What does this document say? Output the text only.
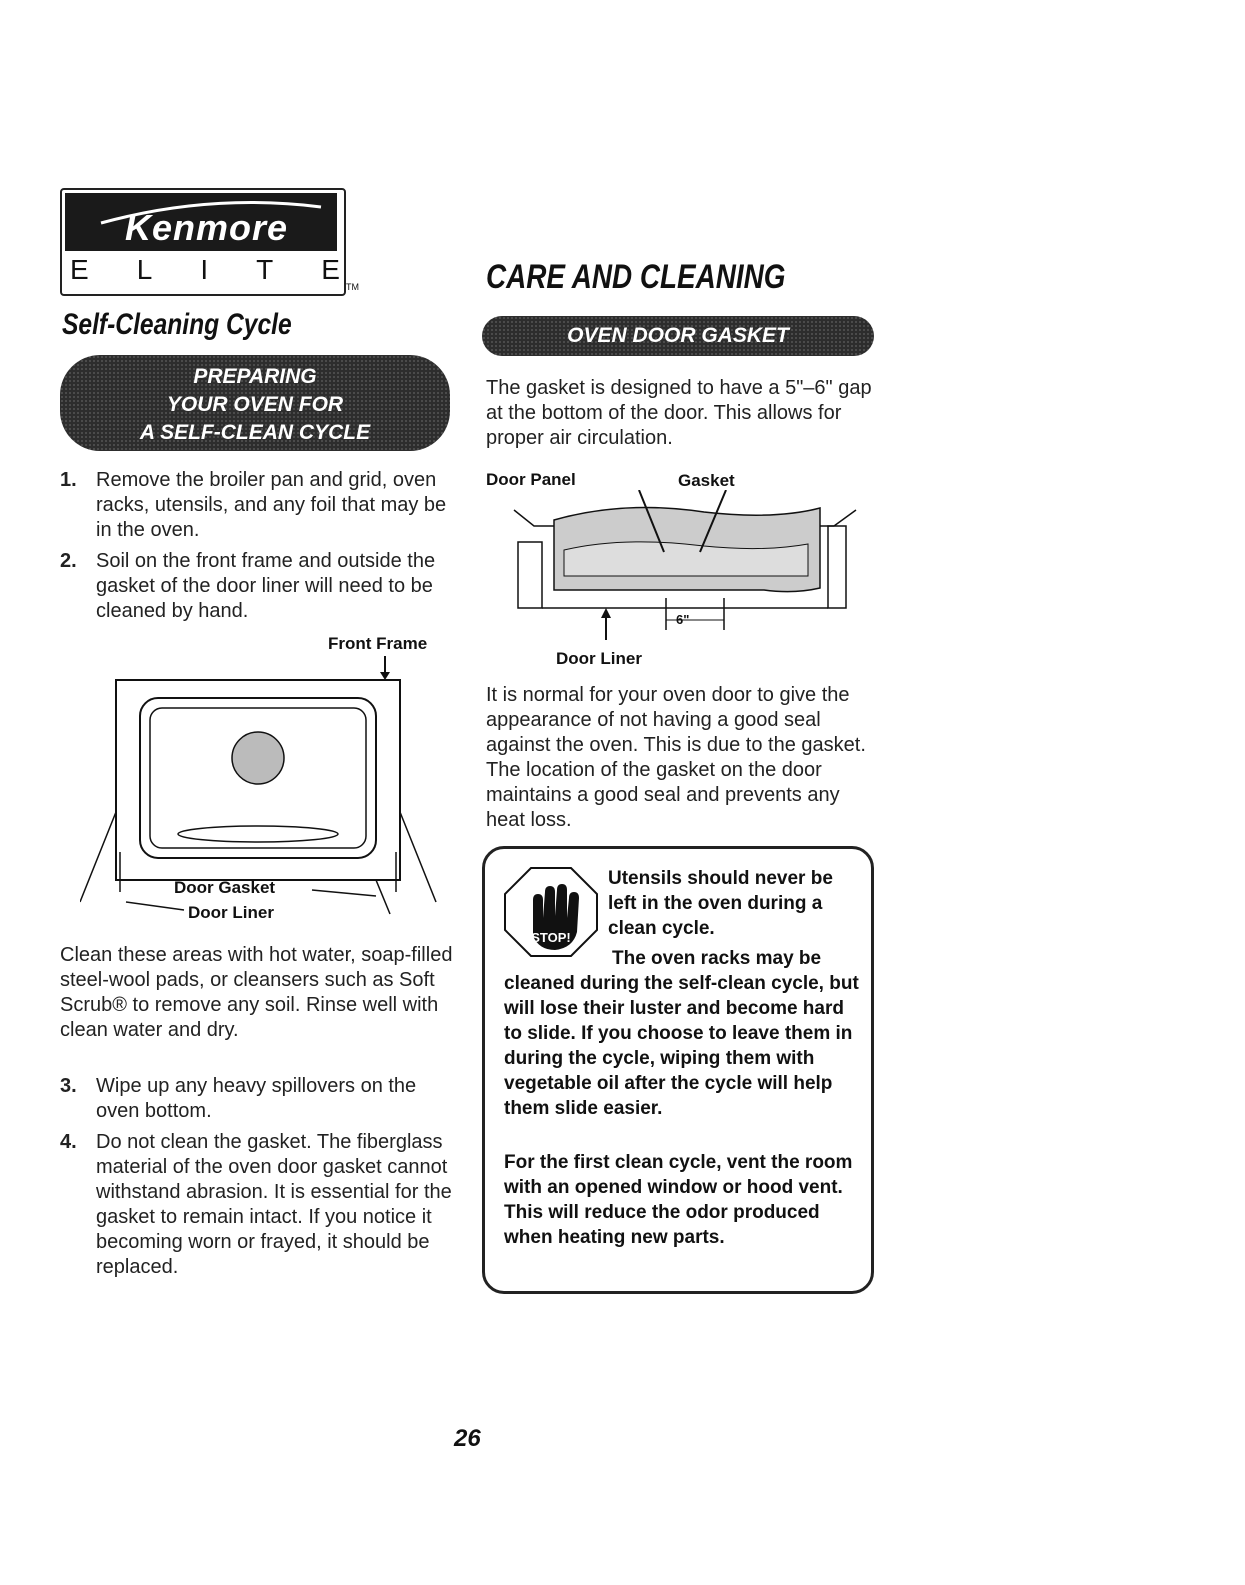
Kenmore
E L I T E
TM
Self-Cleaning Cycle
CARE AND CLEANING
PREPARING
YOUR OVEN FOR
A SELF-CLEAN CYCLE
OVEN DOOR GASKET
1. Remove the broiler pan and grid, oven racks, utensils, and any foil that may be in the oven.
2. Soil on the front frame and outside the gasket of the door liner will need to be cleaned by hand.
Front Frame
Door Gasket
Door Liner

Clean these areas with hot water, soap-filled steel-wool pads, or cleansers such as Soft Scrub® to remove any soil. Rinse well with clean water and dry.

3. Wipe up any heavy spillovers on the oven bottom.
4. Do not clean the gasket. The fiberglass material of the oven door gasket cannot withstand abrasion. It is essential for the gasket to remain intact. If you notice it becoming worn or frayed, it should be replaced.

The gasket is designed to have a 5"–6" gap at the bottom of the door. This allows for proper air circulation.

Door Panel	Gasket
6"
Door Liner

It is normal for your oven door to give the appearance of not having a good seal against the oven. This is due to the gasket. The location of the gasket on the door maintains a good seal and prevents any heat loss.

STOP!
Utensils should never be left in the oven during a clean cycle.
The oven racks may be cleaned during the self-clean cycle, but will lose their luster and become hard to slide. If you choose to leave them in during the cycle, wiping them with vegetable oil after the cycle will help them slide easier.
For the first clean cycle, vent the room with an opened window or hood vent. This will reduce the odor produced when heating new parts.
26
